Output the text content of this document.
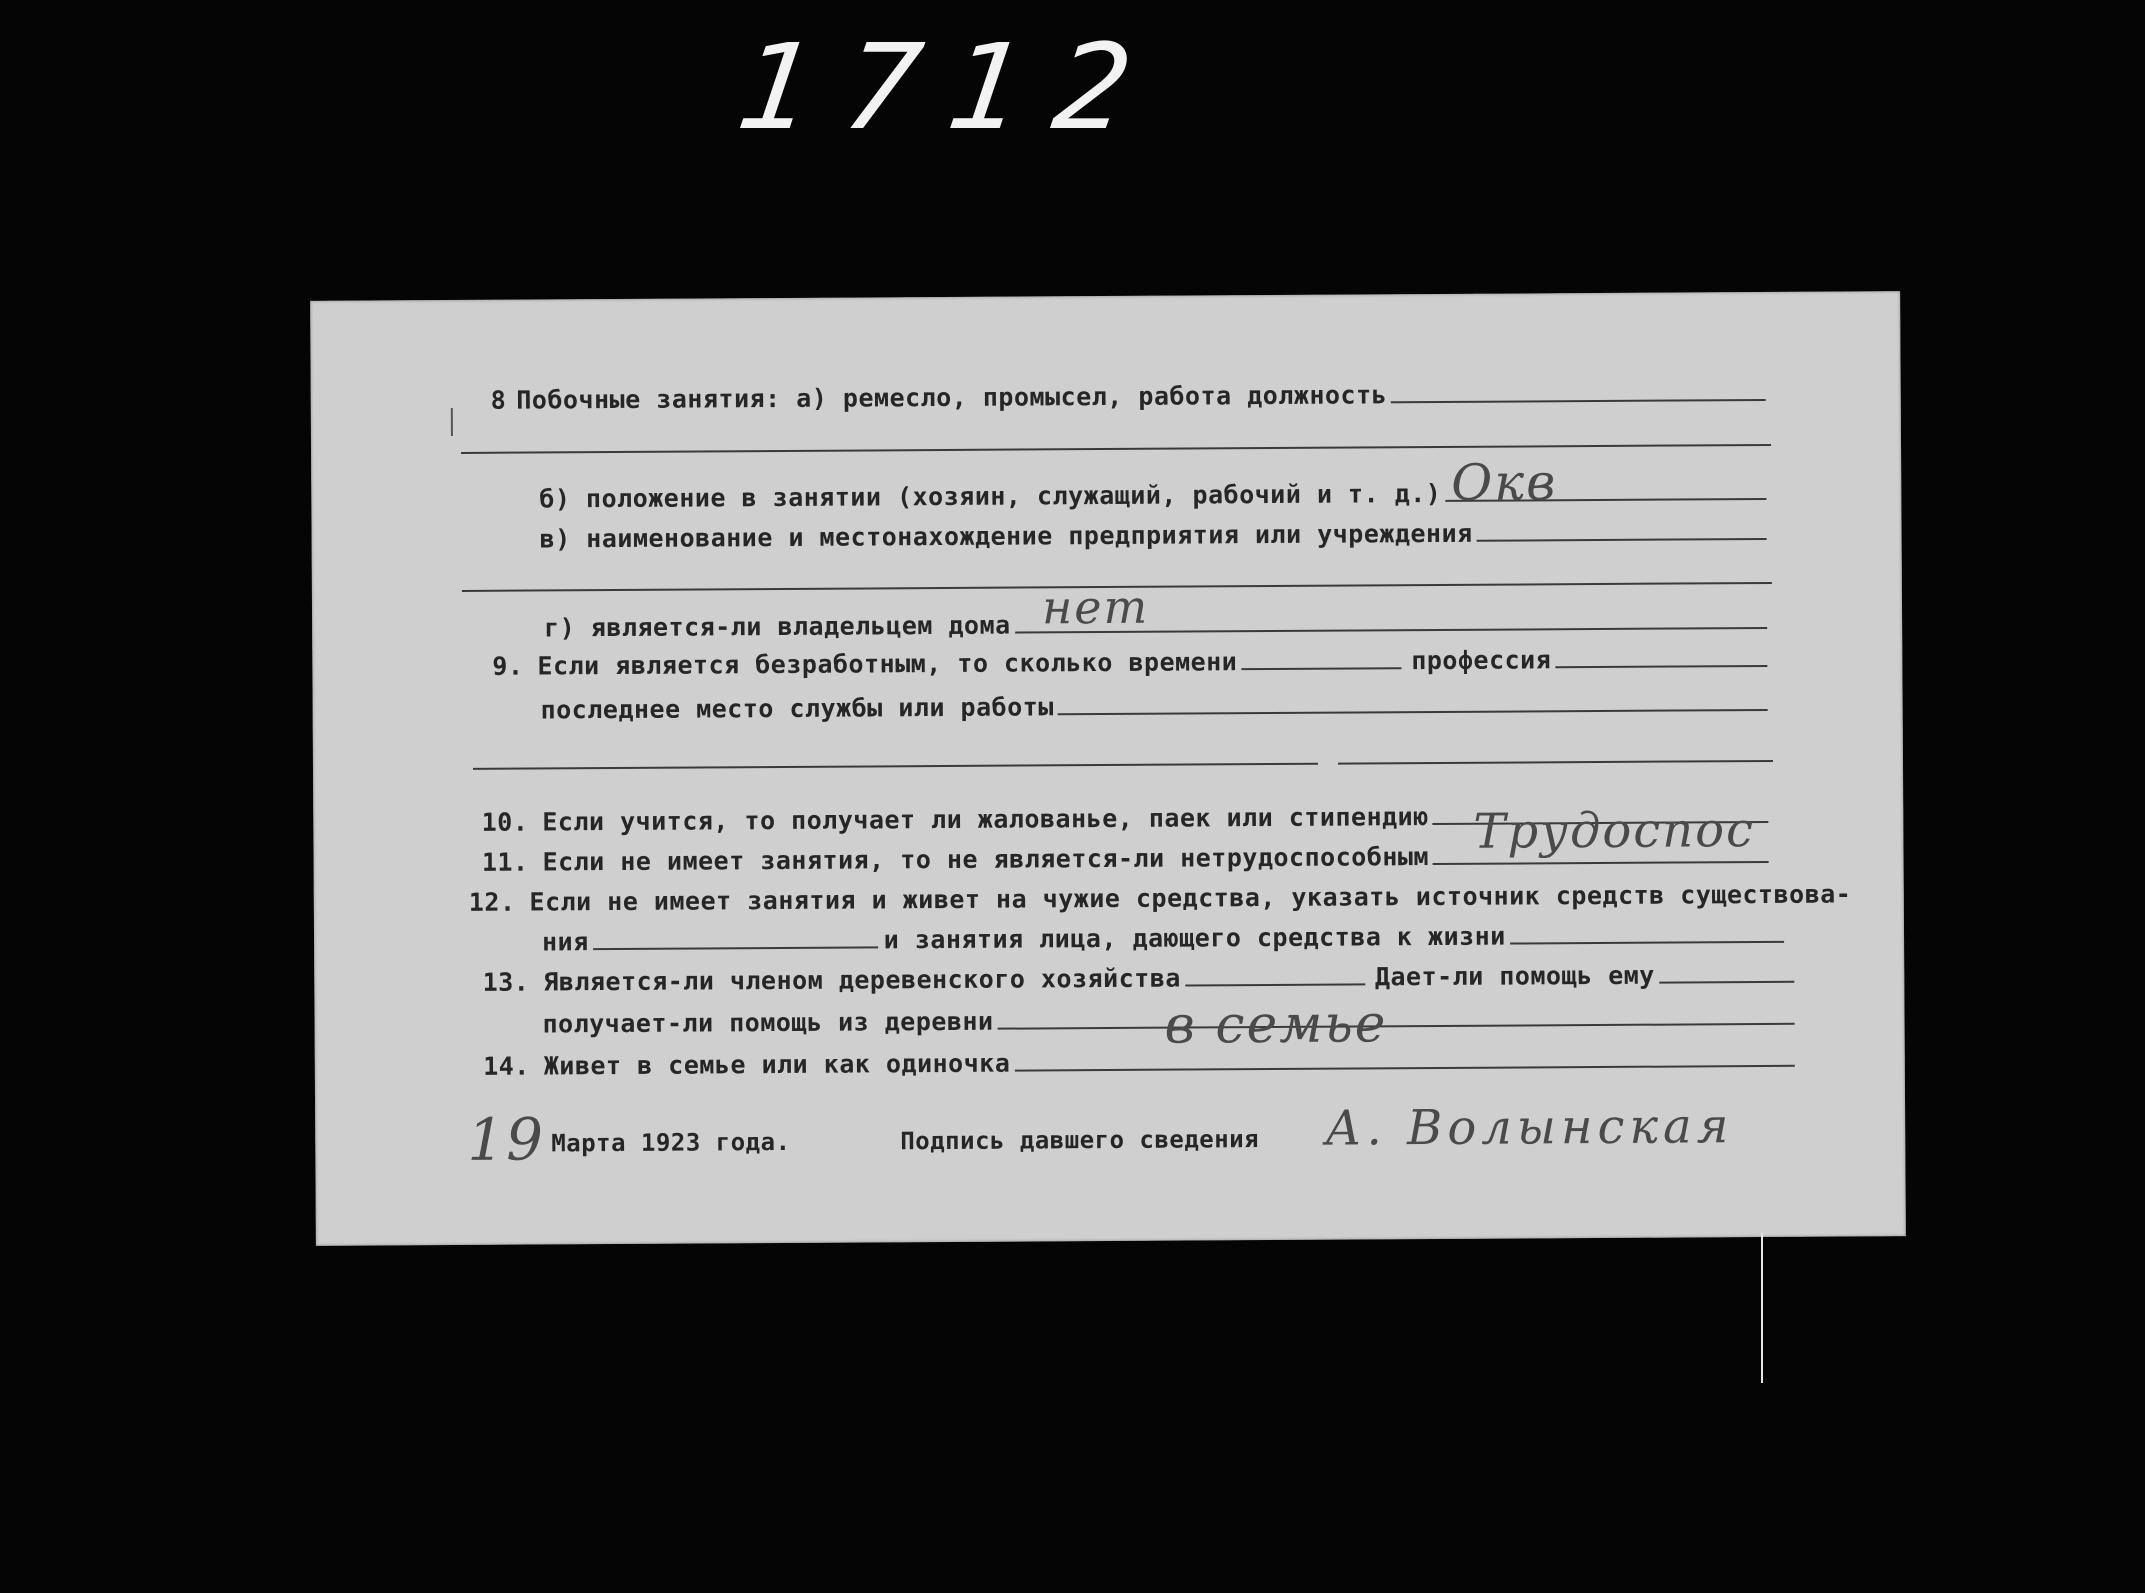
1712
8 Побочные занятия: а) ремесло, промысел, работа должность
б) положение в занятии (хозяин, служащий, рабочий и т. д.) Окв
в) наименование и местонахождение предприятия или учреждения
г) является-ли владельцем дома нет
9. Если является безработным, то сколько времени	профессия
последнее место службы или работы
10. Если учится, то получает ли жалованье, паек или стипендию
11. Если не имеет занятия, то не является-ли нетрудоспособным Трудоспос
12. Если не имеет занятия и живет на чужие средства, указать источник средств существова-
ния	и занятия лица, дающего средства к жизни
13. Является-ли членом деревенского хозяйства	Дает-ли помощь ему
получает-ли помощь из деревни
14. Живет в семье или как одиночка
в семье
19 Марта 1923 года.	Подпись давшего сведения А. Волынская
